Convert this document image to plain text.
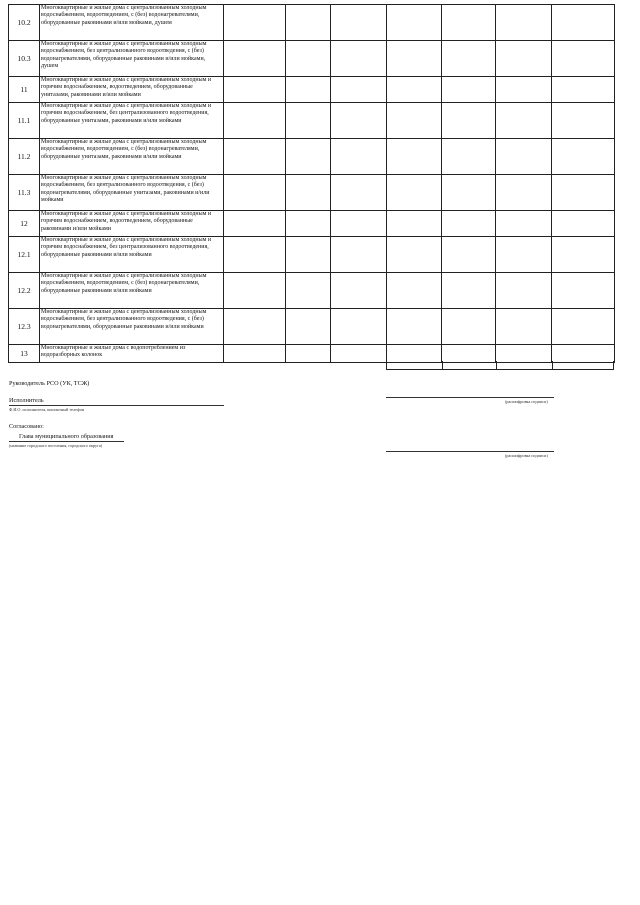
10.2	Многоквартирные и жилые дома с централизованным холодным водоснабжением, водоотведением, с (без) водонагревателями, оборудованные раковинами и/или мойками, душем							
10.3	Многоквартирные и жилые дома с централизованным холодным водоснабжением, без централизованного водоотведения, с (без) водонагревателями, оборудованные раковинами и/или мойками, душем							
11	Многоквартирные и жилые дома с централизованным холодным и горячим водоснабжением, водоотведением, оборудованные унитазами, раковинами и/или мойками							
11.1	Многоквартирные и жилые дома с централизованным холодным и горячим водоснабжением, без централизованного водоотведения, оборудованные унитазами, раковинами и/или мойками							
11.2	Многоквартирные и жилые дома с централизованным холодным водоснабжением, водоотведением, с (без) водонагревателями, оборудованные унитазами, раковинами и/или мойками							
11.3	Многоквартирные и жилые дома с централизованным холодным водоснабжением, без централизованного водоотведения, с (без) водонагревателями, оборудованные унитазами, раковинами и/или мойками							
12	Многоквартирные и жилые дома с централизованным холодным и горячим водоснабжением, водоотведением, оборудованные раковинами и/или мойками							
12.1	Многоквартирные и жилые дома с централизованным холодным и горячим водоснабжением, без централизованного водоотведения, оборудованные раковинами и/или мойками							
12.2	Многоквартирные и жилые дома с централизованным холодным водоснабжением, водоотведением, с (без) водонагревателями, оборудованные раковинами и/или мойками							
12.3	Многоквартирные и жилые дома с централизованным холодным водоснабжением, без централизованного водоотведения, с (без) водонагревателями, оборудованные раковинами и/или мойками							
13	Многоквартирные и жилые дома с водопотреблением из водоразборных колонок							
Руководитель РСО (УК, ТСЖ)
Исполнитель
Ф.И.О. исполнителя, контактный телефон
(расшифровка подписи)
Согласовано:
Глава муниципального образования
(название городского поселения, городского округа)
(расшифровка подписи)
